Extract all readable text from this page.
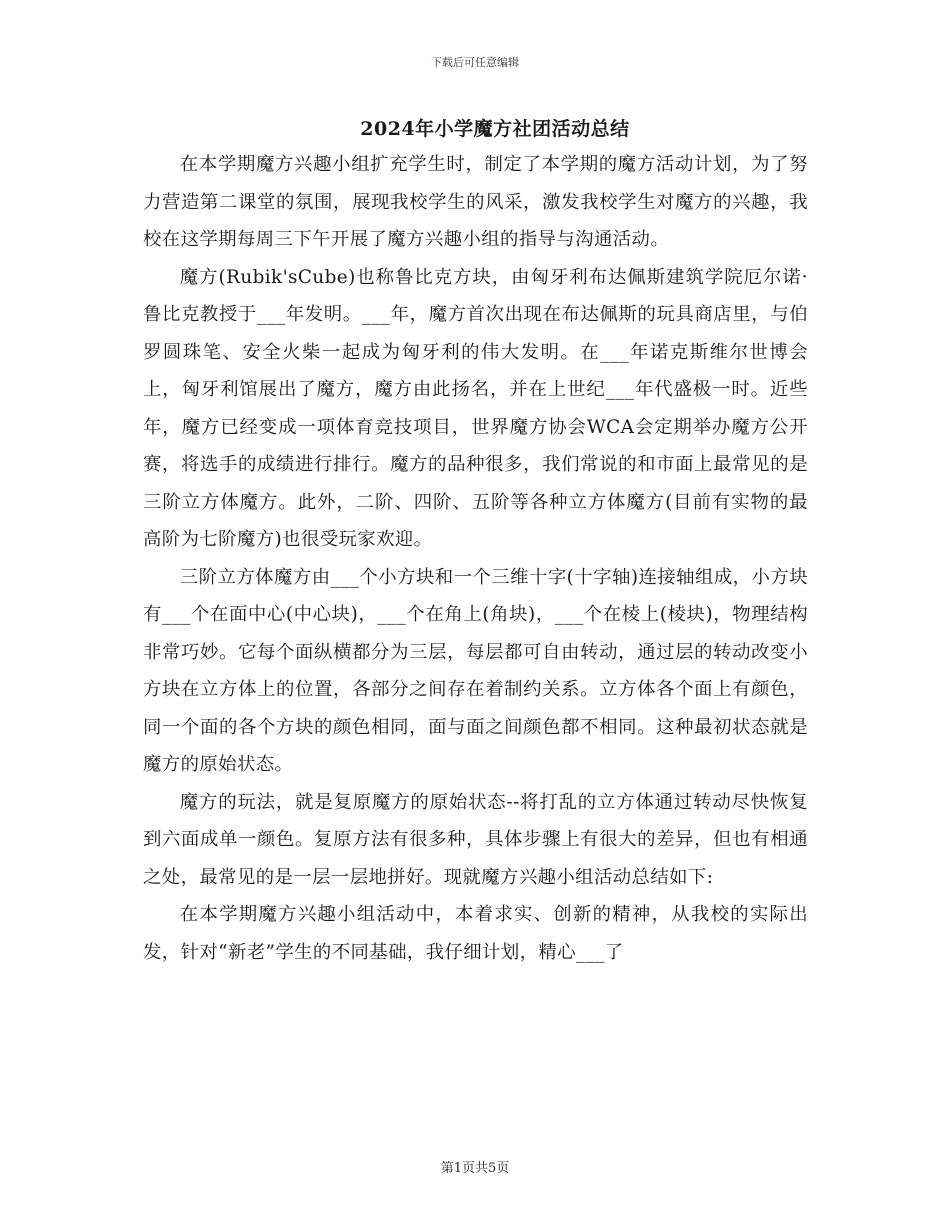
下载后可任意编辑
2024年小学魔方社团活动总结

在本学期魔方兴趣小组扩充学生时，制定了本学期的魔方活动计划，为了努力营造第二课堂的氛围，展现我校学生的风采，激发我校学生对魔方的兴趣，我校在这学期每周三下午开展了魔方兴趣小组的指导与沟通活动。

魔方(Rubik'sCube)也称鲁比克方块，由匈牙利布达佩斯建筑学院厄尔诺·鲁比克教授于___年发明。___年，魔方首次出现在布达佩斯的玩具商店里，与伯罗圆珠笔、安全火柴一起成为匈牙利的伟大发明。在___年诺克斯维尔世博会上，匈牙利馆展出了魔方，魔方由此扬名，并在上世纪___年代盛极一时。近些年，魔方已经变成一项体育竞技项目，世界魔方协会WCA会定期举办魔方公开赛，将选手的成绩进行排行。魔方的品种很多，我们常说的和市面上最常见的是三阶立方体魔方。此外，二阶、四阶、五阶等各种立方体魔方(目前有实物的最高阶为七阶魔方)也很受玩家欢迎。

三阶立方体魔方由___个小方块和一个三维十字(十字轴)连接轴组成，小方块有___个在面中心(中心块)，___个在角上(角块)，___个在棱上(棱块)，物理结构非常巧妙。它每个面纵横都分为三层，每层都可自由转动，通过层的转动改变小方块在立方体上的位置，各部分之间存在着制约关系。立方体各个面上有颜色，同一个面的各个方块的颜色相同，面与面之间颜色都不相同。这种最初状态就是魔方的原始状态。

魔方的玩法，就是复原魔方的原始状态--将打乱的立方体通过转动尽快恢复到六面成单一颜色。复原方法有很多种，具体步骤上有很大的差异，但也有相通之处，最常见的是一层一层地拼好。现就魔方兴趣小组活动总结如下:

在本学期魔方兴趣小组活动中，本着求实、创新的精神，从我校的实际出发，针对“新老”学生的不同基础，我仔细计划，精心___了

第1页共5页
